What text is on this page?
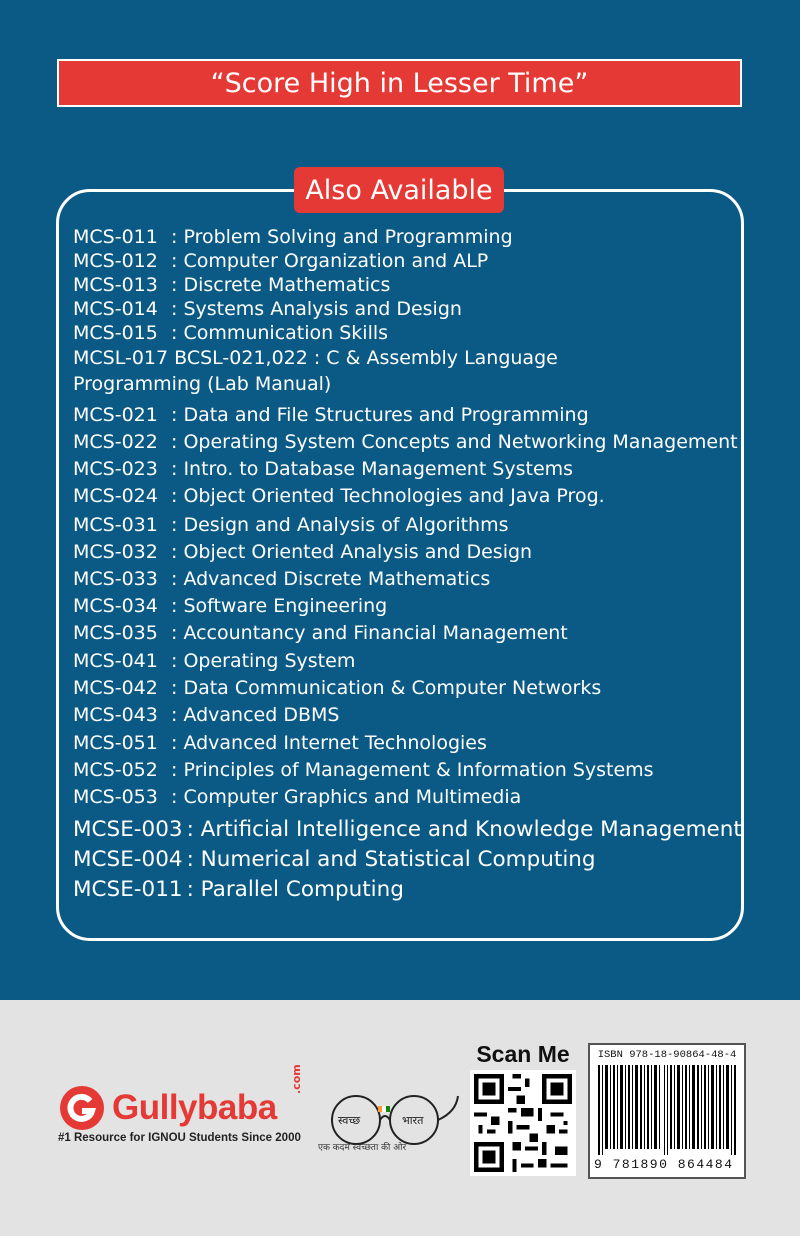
“Score High in Lesser Time”
Also Available
MCS-011 : Problem Solving and Programming
MCS-012 : Computer Organization and ALP
MCS-013 : Discrete Mathematics
MCS-014 : Systems Analysis and Design
MCS-015 : Communication Skills
MCSL-017 BCSL-021,022 : C & Assembly Language
Programming (Lab Manual)
MCS-021 : Data and File Structures and Programming
MCS-022 : Operating System Concepts and Networking Management
MCS-023 : Intro. to Database Management Systems
MCS-024 : Object Oriented Technologies and Java Prog.
MCS-031 : Design and Analysis of Algorithms
MCS-032 : Object Oriented Analysis and Design
MCS-033 : Advanced Discrete Mathematics
MCS-034 : Software Engineering
MCS-035 : Accountancy and Financial Management
MCS-041 : Operating System
MCS-042 : Data Communication & Computer Networks
MCS-043 : Advanced DBMS
MCS-051 : Advanced Internet Technologies
MCS-052 : Principles of Management & Information Systems
MCS-053 : Computer Graphics and Multimedia
MCSE-003 : Artificial Intelligence and Knowledge Management
MCSE-004 : Numerical and Statistical Computing
MCSE-011 : Parallel Computing
Gullybaba
.com
#1 Resource for IGNOU Students Since 2000
स्वच्छ	भारत
एक कदम स्वच्छता की ओर
Scan Me	ISBN 978-18-90864-48-4
9 781890 864484
